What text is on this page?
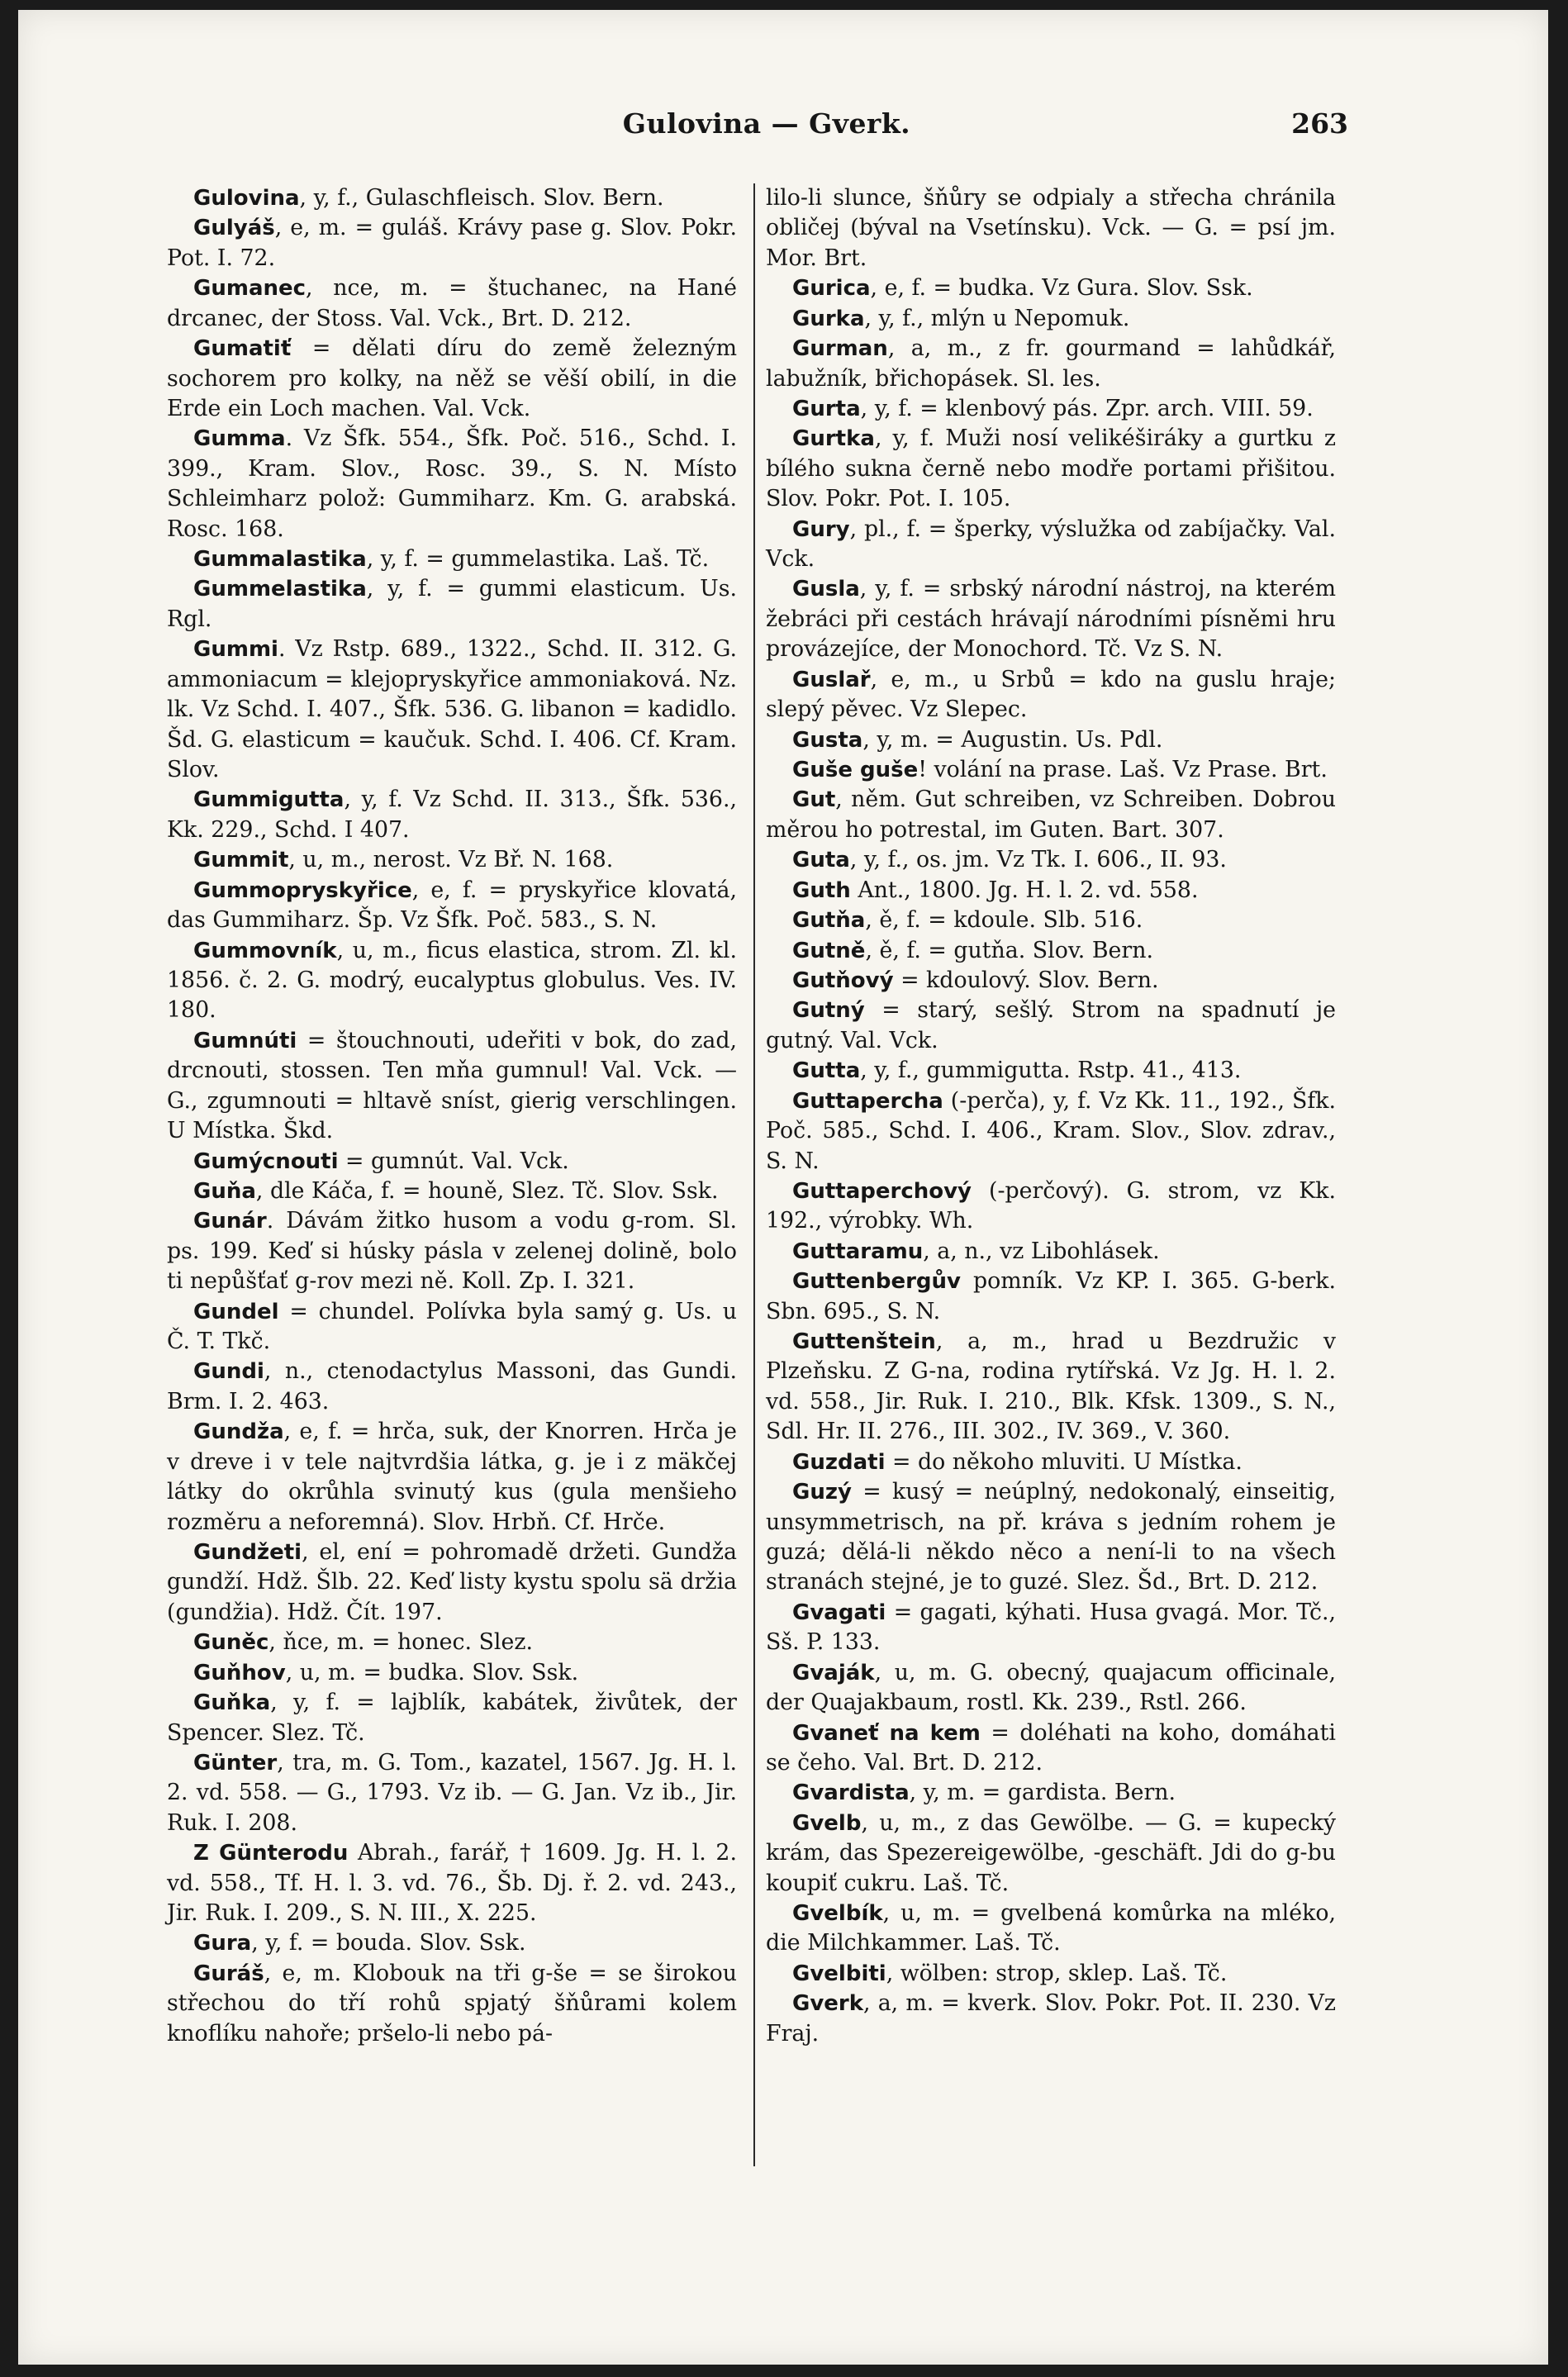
Gulovina — Gverk.	263

Gulovina, y, f., Gulaschfleisch. Slov. Bern.

Gulyáš, e, m. = guláš. Krávy pase g. Slov. Pokr. Pot. I. 72.

Gumanec, nce, m. = štuchanec, na Hané drcanec, der Stoss. Val. Vck., Brt. D. 212.

Gumatiť = dělati díru do země železným sochorem pro kolky, na něž se věší obilí, in die Erde ein Loch machen. Val. Vck.

Gumma. Vz Šfk. 554., Šfk. Poč. 516., Schd. I. 399., Kram. Slov., Rosc. 39., S. N. Místo Schleimharz polož: Gummiharz. Km. G. arabská. Rosc. 168.

Gummalastika, y, f. = gummelastika. Laš. Tč.

Gummelastika, y, f. = gummi elasticum. Us. Rgl.

Gummi. Vz Rstp. 689., 1322., Schd. II. 312. G. ammoniacum = klejopryskyřice ammoniaková. Nz. lk. Vz Schd. I. 407., Šfk. 536. G. libanon = kadidlo. Šd. G. elasticum = kaučuk. Schd. I. 406. Cf. Kram. Slov.

Gummigutta, y, f. Vz Schd. II. 313., Šfk. 536., Kk. 229., Schd. I 407.

Gummit, u, m., nerost. Vz Bř. N. 168.

Gummopryskyřice, e, f. = pryskyřice klovatá, das Gummiharz. Šp. Vz Šfk. Poč. 583., S. N.

Gummovník, u, m., ficus elastica, strom. Zl. kl. 1856. č. 2. G. modrý, eucalyptus globulus. Ves. IV. 180.

Gumnúti = štouchnouti, udeřiti v bok, do zad, drcnouti, stossen. Ten mňa gumnul! Val. Vck. — G., zgumnouti = hltavě sníst, gierig verschlingen. U Místka. Škd.

Gumýcnouti = gumnút. Val. Vck.

Guňa, dle Káča, f. = houně, Slez. Tč. Slov. Ssk.

Gunár. Dávám žitko husom a vodu g-rom. Sl. ps. 199. Keď si húsky pásla v zelenej dolině, bolo ti nepůšťať g-rov mezi ně. Koll. Zp. I. 321.

Gundel = chundel. Polívka byla samý g. Us. u Č. T. Tkč.

Gundi, n., ctenodactylus Massoni, das Gundi. Brm. I. 2. 463.

Gundža, e, f. = hrča, suk, der Knorren. Hrča je v dreve i v tele najtvrdšia látka, g. je i z mäkčej látky do okrůhla svinutý kus (gula menšieho rozměru a neforemná). Slov. Hrbň. Cf. Hrče.

Gundžeti, el, ení = pohromadě držeti. Gundža gundží. Hdž. Šlb. 22. Keď listy kystu spolu sä držia (gundžia). Hdž. Čít. 197.

Guněc, ňce, m. = honec. Slez.

Guňhov, u, m. = budka. Slov. Ssk.

Guňka, y, f. = lajblík, kabátek, živůtek, der Spencer. Slez. Tč.

Günter, tra, m. G. Tom., kazatel, 1567. Jg. H. l. 2. vd. 558. — G., 1793. Vz ib. — G. Jan. Vz ib., Jir. Ruk. I. 208.

Z Günterodu Abrah., farář, † 1609. Jg. H. l. 2. vd. 558., Tf. H. l. 3. vd. 76., Šb. Dj. ř. 2. vd. 243., Jir. Ruk. I. 209., S. N. III., X. 225.

Gura, y, f. = bouda. Slov. Ssk.

Guráš, e, m. Klobouk na tři g-še = se širokou střechou do tří rohů spjatý šňůrami kolem knoflíku nahoře; pršelo-li nebo pá-

lilo-li slunce, šňůry se odpialy a střecha chránila obličej (býval na Vsetínsku). Vck. — G. = psí jm. Mor. Brt.

Gurica, e, f. = budka. Vz Gura. Slov. Ssk.

Gurka, y, f., mlýn u Nepomuk.

Gurman, a, m., z fr. gourmand = lahůdkář, labužník, břichopásek. Sl. les.

Gurta, y, f. = klenbový pás. Zpr. arch. VIII. 59.

Gurtka, y, f. Muži nosí velikéširáky a gurtku z bílého sukna černě nebo modře portami přišitou. Slov. Pokr. Pot. I. 105.

Gury, pl., f. = šperky, výslužka od zabíjačky. Val. Vck.

Gusla, y, f. = srbský národní nástroj, na kterém žebráci při cestách hrávají národními písněmi hru provázejíce, der Monochord. Tč. Vz S. N.

Guslař, e, m., u Srbů = kdo na guslu hraje; slepý pěvec. Vz Slepec.

Gusta, y, m. = Augustin. Us. Pdl.

Guše guše! volání na prase. Laš. Vz Prase. Brt.

Gut, něm. Gut schreiben, vz Schreiben. Dobrou měrou ho potrestal, im Guten. Bart. 307.

Guta, y, f., os. jm. Vz Tk. I. 606., II. 93.

Guth Ant., 1800. Jg. H. l. 2. vd. 558.

Gutňa, ě, f. = kdoule. Slb. 516.

Gutně, ě, f. = gutňa. Slov. Bern.

Gutňový = kdoulový. Slov. Bern.

Gutný = starý, sešlý. Strom na spadnutí je gutný. Val. Vck.

Gutta, y, f., gummigutta. Rstp. 41., 413.

Guttapercha (-perča), y, f. Vz Kk. 11., 192., Šfk. Poč. 585., Schd. I. 406., Kram. Slov., Slov. zdrav., S. N.

Guttaperchový (-perčový). G. strom, vz Kk. 192., výrobky. Wh.

Guttaramu, a, n., vz Libohlásek.

Guttenbergův pomník. Vz KP. I. 365. G-berk. Sbn. 695., S. N.

Guttenštein, a, m., hrad u Bezdružic v Plzeňsku. Z G-na, rodina rytířská. Vz Jg. H. l. 2. vd. 558., Jir. Ruk. I. 210., Blk. Kfsk. 1309., S. N., Sdl. Hr. II. 276., III. 302., IV. 369., V. 360.

Guzdati = do někoho mluviti. U Místka.

Guzý = kusý = neúplný, nedokonalý, einseitig, unsymmetrisch, na př. kráva s jedním rohem je guzá; dělá-li někdo něco a není-li to na všech stranách stejné, je to guzé. Slez. Šd., Brt. D. 212.

Gvagati = gagati, kýhati. Husa gvagá. Mor. Tč., Sš. P. 133.

Gvaják, u, m. G. obecný, quajacum officinale, der Quajakbaum, rostl. Kk. 239., Rstl. 266.

Gvaneť na kem = doléhati na koho, domáhati se čeho. Val. Brt. D. 212.

Gvardista, y, m. = gardista. Bern.

Gvelb, u, m., z das Gewölbe. — G. = kupecký krám, das Spezereigewölbe, -geschäft. Jdi do g-bu koupiť cukru. Laš. Tč.

Gvelbík, u, m. = gvelbená komůrka na mléko, die Milchkammer. Laš. Tč.

Gvelbiti, wölben: strop, sklep. Laš. Tč.

Gverk, a, m. = kverk. Slov. Pokr. Pot. II. 230. Vz Fraj.
